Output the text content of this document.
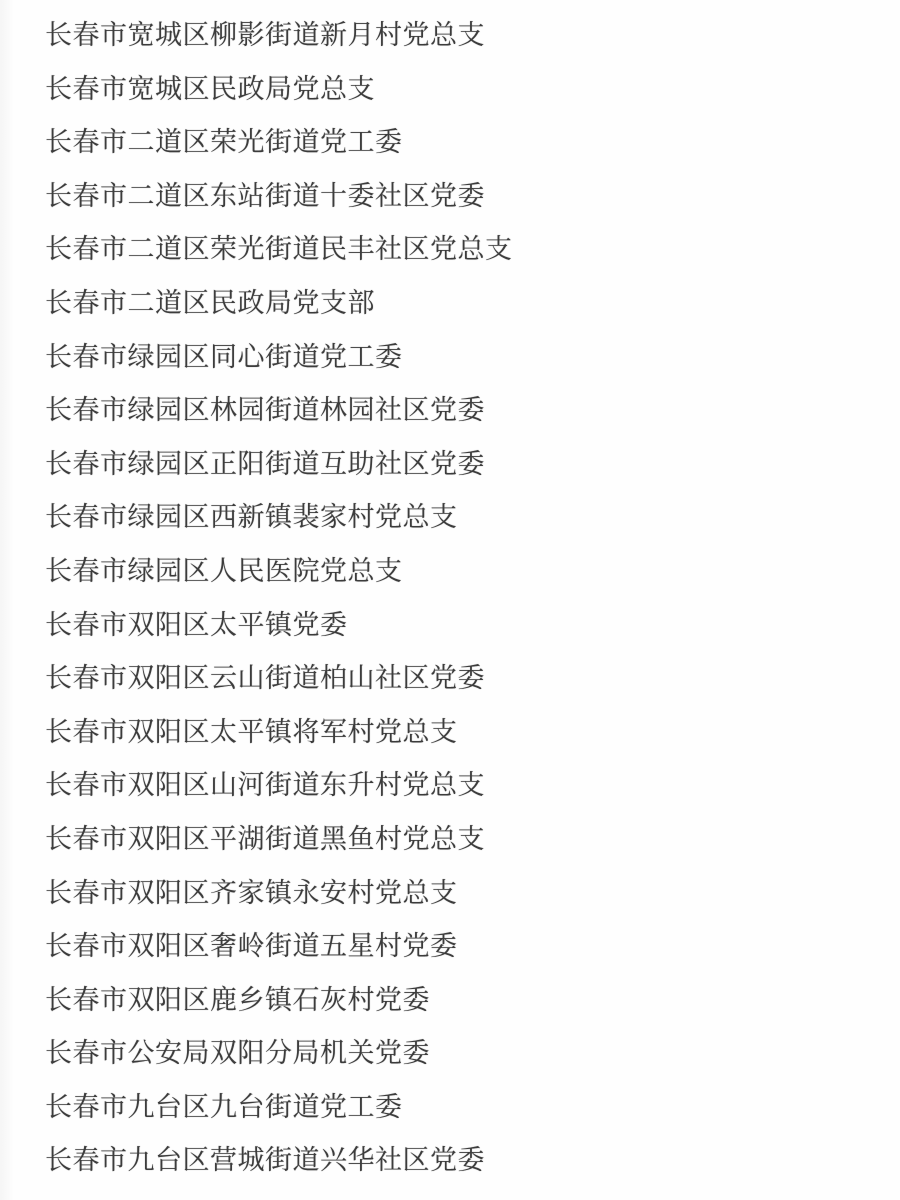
长春市宽城区柳影街道新月村党总支
长春市宽城区民政局党总支
长春市二道区荣光街道党工委
长春市二道区东站街道十委社区党委
长春市二道区荣光街道民丰社区党总支
长春市二道区民政局党支部
长春市绿园区同心街道党工委
长春市绿园区林园街道林园社区党委
长春市绿园区正阳街道互助社区党委
长春市绿园区西新镇裴家村党总支
长春市绿园区人民医院党总支
长春市双阳区太平镇党委
长春市双阳区云山街道柏山社区党委
长春市双阳区太平镇将军村党总支
长春市双阳区山河街道东升村党总支
长春市双阳区平湖街道黑鱼村党总支
长春市双阳区齐家镇永安村党总支
长春市双阳区奢岭街道五星村党委
长春市双阳区鹿乡镇石灰村党委
长春市公安局双阳分局机关党委
长春市九台区九台街道党工委
长春市九台区营城街道兴华社区党委
